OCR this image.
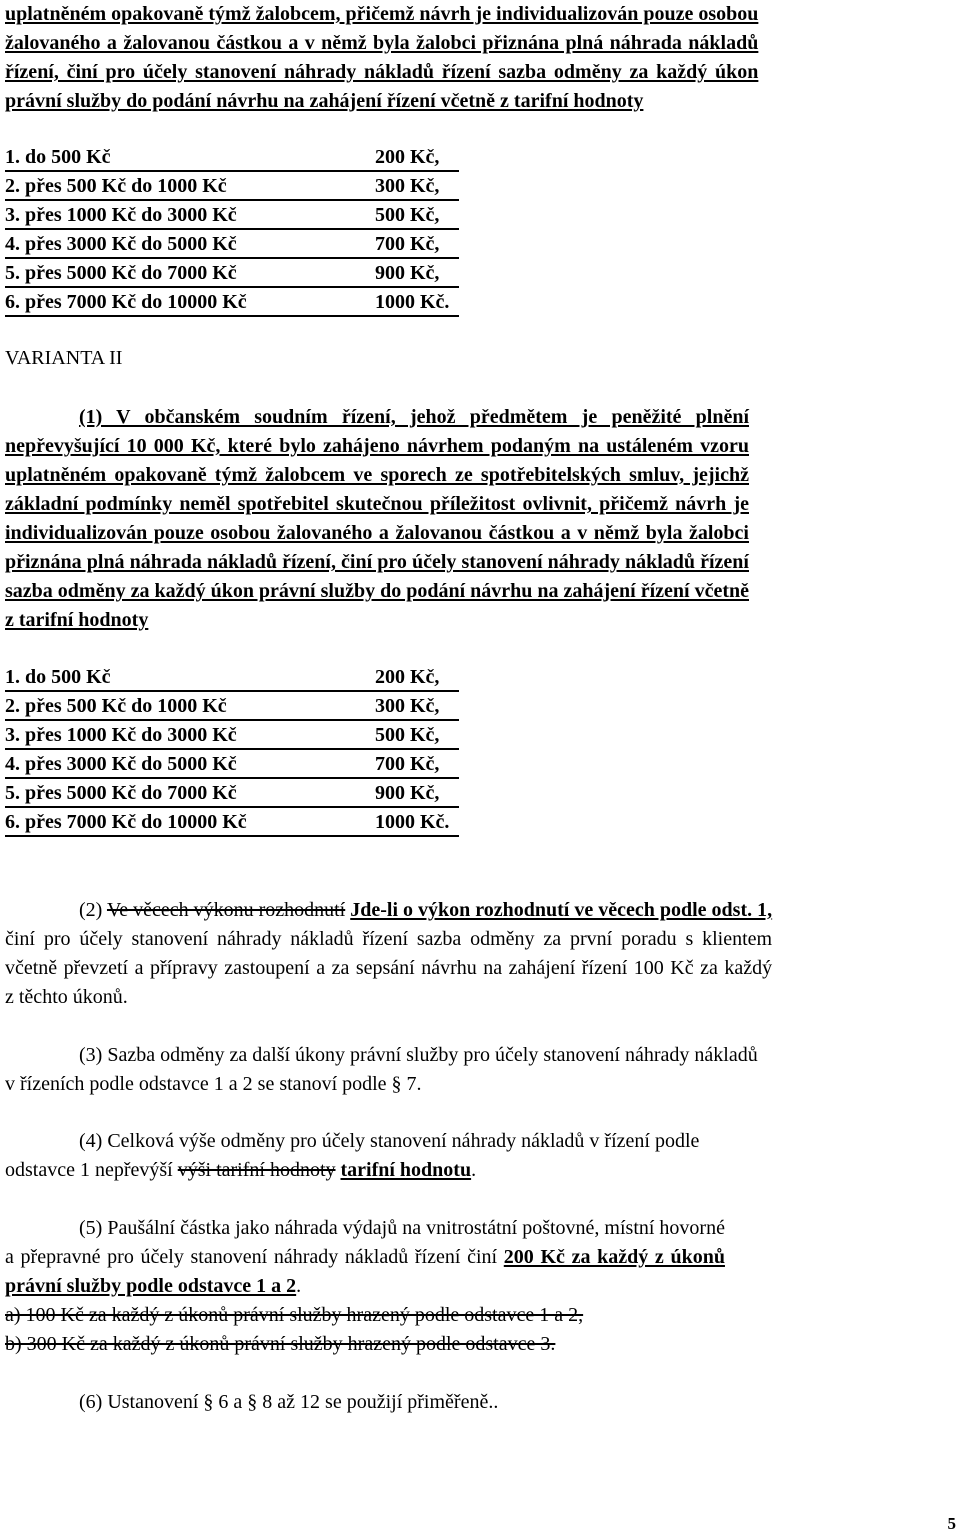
uplatněném opakovaně týmž žalobcem, přičemž návrh je individualizován pouze osobou
žalovaného a žalovanou částkou a v němž byla žalobci přiznána plná náhrada nákladů
řízení, činí pro účely stanovení náhrady nákladů řízení sazba odměny za každý úkon
právní služby do podání návrhu na zahájení řízení včetně z tarifní hodnoty
1. do 500 Kč	200 Kč,
2. přes 500 Kč do 1000 Kč	300 Kč,
3. přes 1000 Kč do 3000 Kč	500 Kč,
4. přes 3000 Kč do 5000 Kč	700 Kč,
5. přes 5000 Kč do 7000 Kč	900 Kč,
6. přes 7000 Kč do 10000 Kč	1000 Kč.
VARIANTA II
(1) V občanském soudním řízení, jehož předmětem je peněžité plnění
nepřevyšující 10 000 Kč, které bylo zahájeno návrhem podaným na ustáleném vzoru
uplatněném opakovaně týmž žalobcem ve sporech ze spotřebitelských smluv, jejichž
základní podmínky neměl spotřebitel skutečnou příležitost ovlivnit, přičemž návrh je
individualizován pouze osobou žalovaného a žalovanou částkou a v němž byla žalobci
přiznána plná náhrada nákladů řízení, činí pro účely stanovení náhrady nákladů řízení
sazba odměny za každý úkon právní služby do podání návrhu na zahájení řízení včetně
z tarifní hodnoty
1. do 500 Kč	200 Kč,
2. přes 500 Kč do 1000 Kč	300 Kč,
3. přes 1000 Kč do 3000 Kč	500 Kč,
4. přes 3000 Kč do 5000 Kč	700 Kč,
5. přes 5000 Kč do 7000 Kč	900 Kč,
6. přes 7000 Kč do 10000 Kč	1000 Kč.
(2) Ve věcech výkonu rozhodnutí Jde-li o výkon rozhodnutí ve věcech podle odst. 1,
činí pro účely stanovení náhrady nákladů řízení sazba odměny za první poradu s klientem
včetně převzetí a přípravy zastoupení a za sepsání návrhu na zahájení řízení 100 Kč za každý
z těchto úkonů.
(3) Sazba odměny za další úkony právní služby pro účely stanovení náhrady nákladů
v řízeních podle odstavce 1 a 2 se stanoví podle § 7.
(4) Celková výše odměny pro účely stanovení náhrady nákladů v řízení podle
odstavce 1 nepřevýší výši tarifní hodnoty tarifní hodnotu.
(5) Paušální částka jako náhrada výdajů na vnitrostátní poštovné, místní hovorné
a přepravné pro účely stanovení náhrady nákladů řízení činí 200 Kč za každý z úkonů
právní služby podle odstavce 1 a 2.
a) 100 Kč za každý z úkonů právní služby hrazený podle odstavce 1 a 2,
b) 300 Kč za každý z úkonů právní služby hrazený podle odstavce 3.
(6) Ustanovení § 6 a § 8 až 12 se použijí přiměřeně..
5
